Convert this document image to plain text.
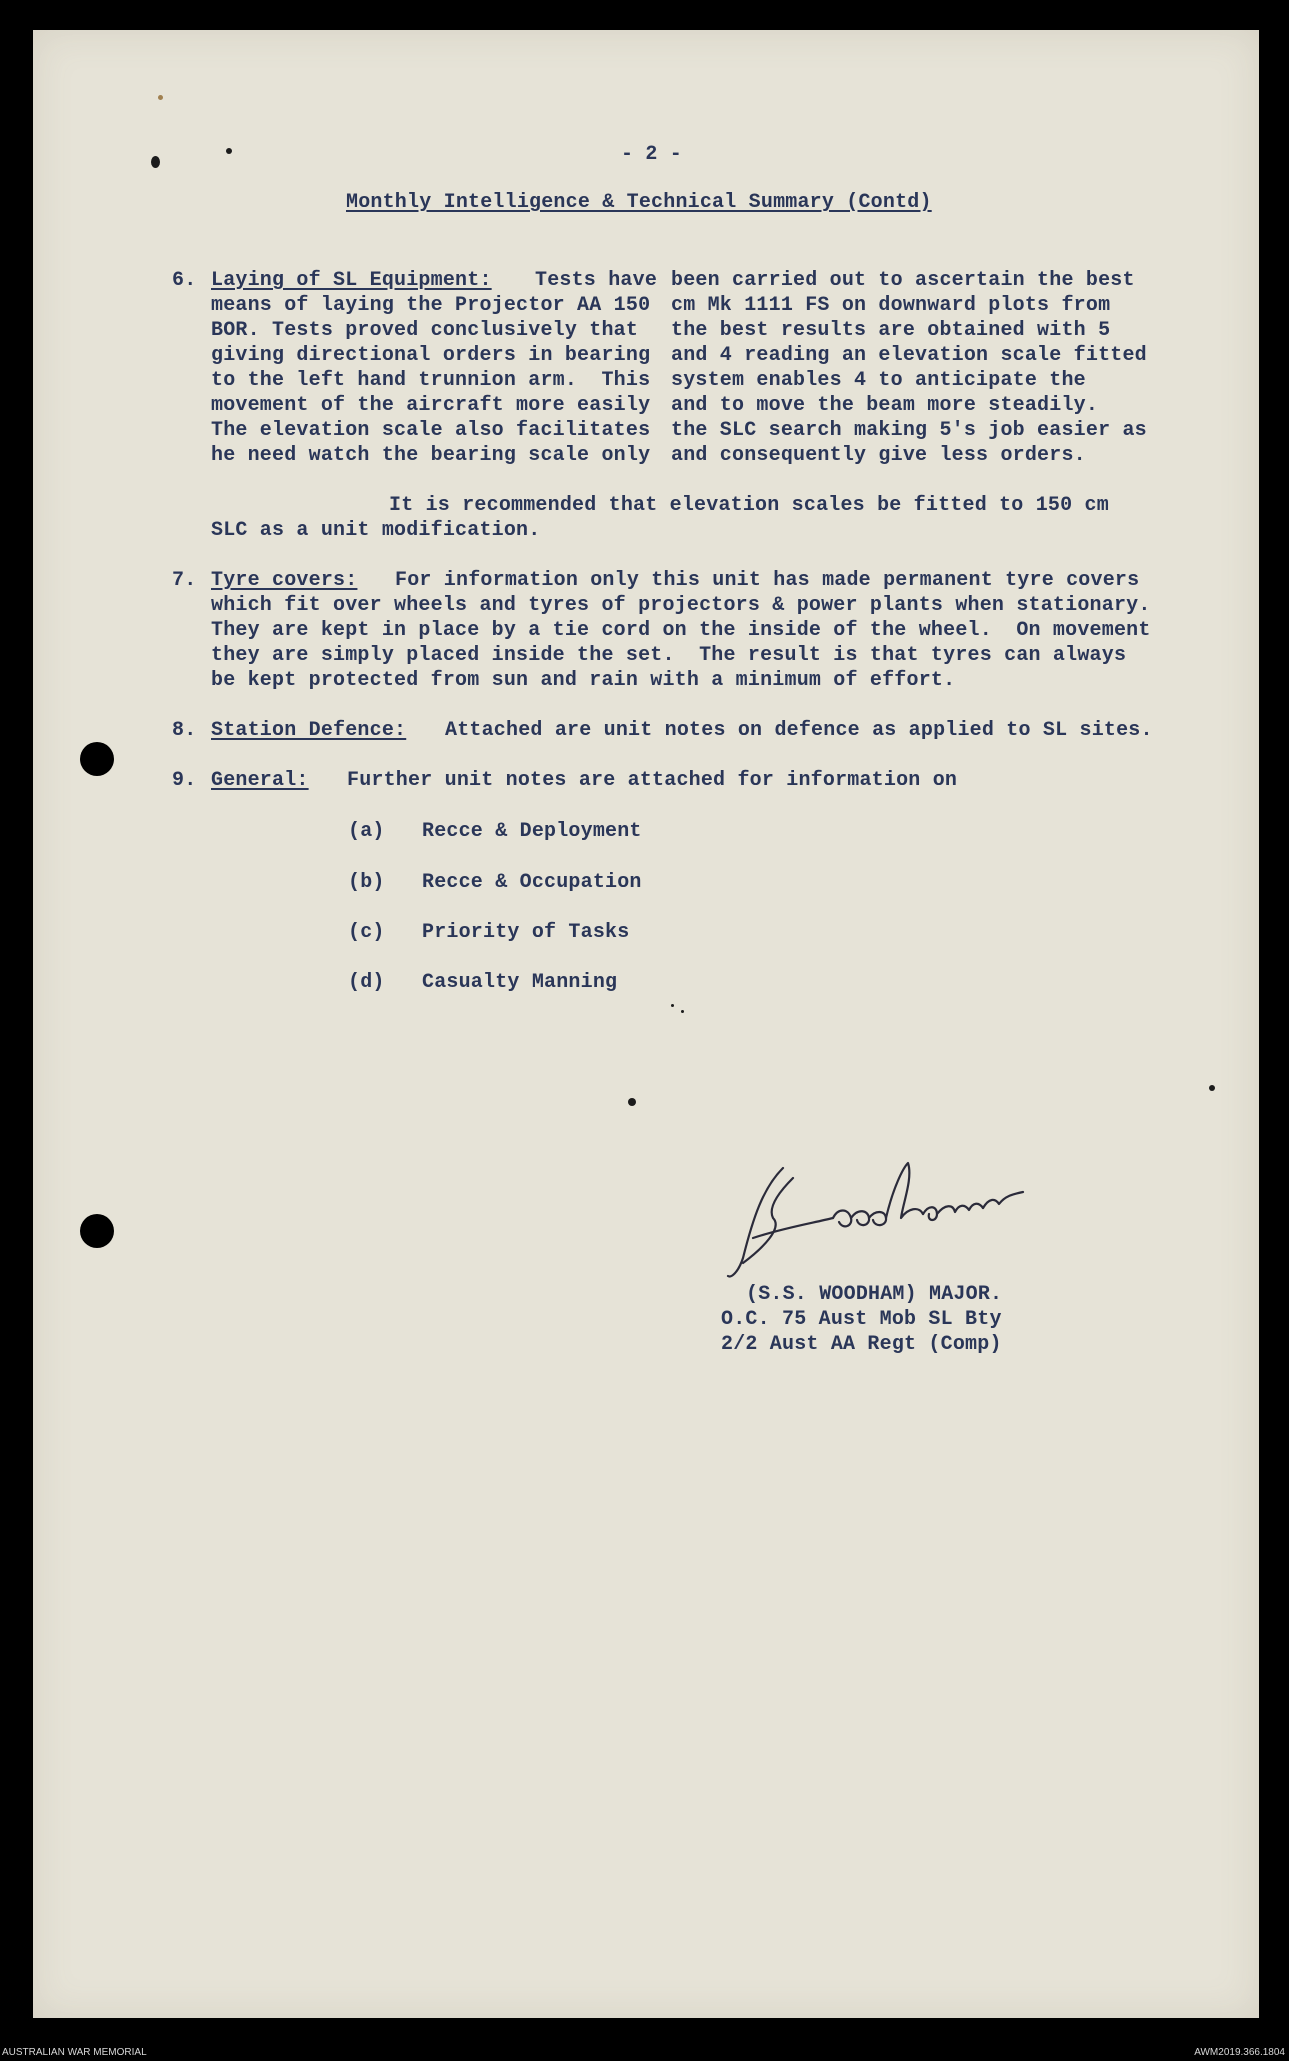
- 2 -
Monthly Intelligence & Technical Summary (Contd)
6. Laying of SL Equipment: Tests have
means of laying the Projector AA 150
BOR. Tests proved conclusively that
giving directional orders in bearing
to the left hand trunnion arm.  This
movement of the aircraft more easily
The elevation scale also facilitates
he need watch the bearing scale only
been carried out to ascertain the best
cm Mk 1111 FS on downward plots from
the best results are obtained with 5
and 4 reading an elevation scale fitted
system enables 4 to anticipate the
and to move the beam more steadily.
the SLC search making 5's job easier as
and consequently give less orders.
It is recommended that elevation scales be fitted to 150 cm
SLC as a unit modification.
7. Tyre covers: For information only this unit has made permanent tyre covers
which fit over wheels and tyres of projectors & power plants when stationary.
They are kept in place by a tie cord on the inside of the wheel.  On movement
they are simply placed inside the set.  The result is that tyres can always
be kept protected from sun and rain with a minimum of effort.
8. Station Defence: Attached are unit notes on defence as applied to SL sites.
9. General: Further unit notes are attached for information on
(a) Recce & Deployment
(b) Recce & Occupation
(c) Priority of Tasks
(d) Casualty Manning
(S.S. WOODHAM) MAJOR.
O.C. 75 Aust Mob SL Bty
2/2 Aust AA Regt (Comp)
AUSTRALIAN WAR MEMORIAL	AWM2019.366.1804
